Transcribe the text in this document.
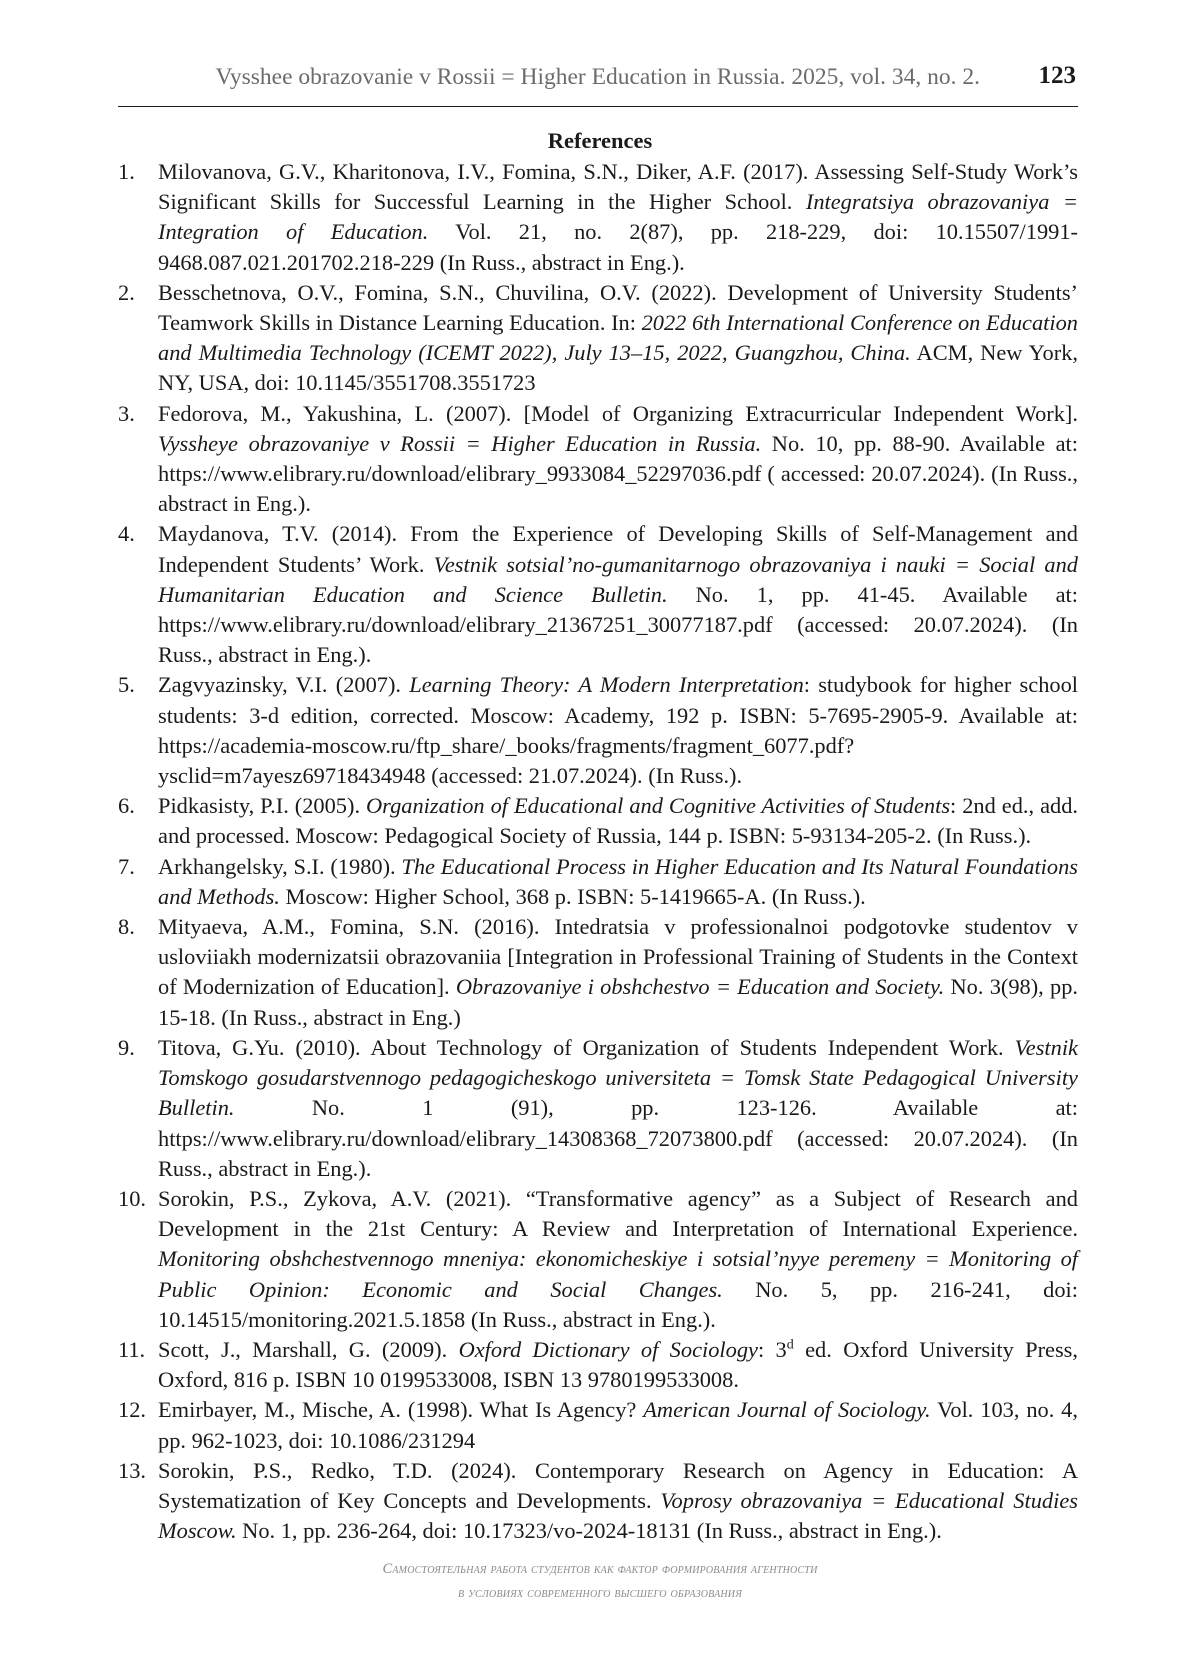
Vysshee obrazovanie v Rossii = Higher Education in Russia. 2025, vol. 34, no. 2. 123
References
1. Milovanova, G.V., Kharitonova, I.V., Fomina, S.N., Diker, A.F. (2017). Assessing Self-Study Work’s Significant Skills for Successful Learning in the Higher School. Integratsiya obrazovaniya = Integration of Education. Vol. 21, no. 2(87), pp. 218-229, doi: 10.15507/1991-9468.087.021.201702.218-229 (In Russ., abstract in Eng.).
2. Besschetnova, O.V., Fomina, S.N., Chuvilina, O.V. (2022). Development of University Students’ Teamwork Skills in Distance Learning Education. In: 2022 6th International Conference on Education and Multimedia Technology (ICEMT 2022), July 13–15, 2022, Guangzhou, China. ACM, New York, NY, USA, doi: 10.1145/3551708.3551723
3. Fedorova, M., Yakushina, L. (2007). [Model of Organizing Extracurricular Independent Work]. Vyssheye obrazovaniye v Rossii = Higher Education in Russia. No. 10, pp. 88-90. Available at: https://www.elibrary.ru/download/elibrary_9933084_52297036.pdf ( accessed: 20.07.2024). (In Russ., abstract in Eng.).
4. Maydanova, T.V. (2014). From the Experience of Developing Skills of Self-Management and Independent Students’ Work. Vestnik sotsial’no-gumanitarnogo obrazovaniya i nauki = Social and Humanitarian Education and Science Bulletin. No. 1, pp. 41-45. Available at: https://www.elibrary.ru/download/elibrary_21367251_30077187.pdf (accessed: 20.07.2024). (In Russ., abstract in Eng.).
5. Zagvyazinsky, V.I. (2007). Learning Theory: A Modern Interpretation: studybook for higher school students: 3-d edition, corrected. Moscow: Academy, 192 p. ISBN: 5-7695-2905-9. Available at: https://academia-moscow.ru/ftp_share/_books/fragments/fragment_6077.pdf?ysclid=m7ayesz697184349​48 (accessed: 21.07.2024). (In Russ.).
6. Pidkasisty, P.I. (2005). Organization of Educational and Cognitive Activities of Students: 2nd ed., add. and processed. Moscow: Pedagogical Society of Russia, 144 p. ISBN: 5-93134-205-2. (In Russ.).
7. Arkhangelsky, S.I. (1980). The Educational Process in Higher Education and Its Natural Foundations and Methods. Moscow: Higher School, 368 p. ISBN: 5-1419665-A. (In Russ.).
8. Mityaeva, A.M., Fomina, S.N. (2016). Intedratsia v professionalnoi podgotovke studentov v usloviiakh modernizatsii obrazovaniia [Integration in Professional Training of Students in the Context of Modernization of Education]. Obrazovaniye i obshchestvo = Education and Society. No. 3(98), pp. 15-18. (In Russ., abstract in Eng.)
9. Titova, G.Yu. (2010). About Technology of Organization of Students Independent Work. Vestnik Tomskogo gosudarstvennogo pedagogicheskogo universiteta = Tomsk State Pedagogical University Bulletin. No. 1 (91), pp. 123-126. Available at: https://www.elibrary.ru/download/elibrary_14308368_72073800.pdf (accessed: 20.07.2024). (In Russ., abstract in Eng.).
10. Sorokin, P.S., Zykova, A.V. (2021). “Transformative agency” as a Subject of Research and Development in the 21st Century: A Review and Interpretation of International Experience. Monitoring obshchestvennogo mneniya: ekonomicheskiye i sotsial’nyye peremeny = Monitoring of Public Opinion: Economic and Social Changes. No. 5, pp. 216-241, doi: 10.14515/monitoring.2021.5.1858 (In Russ., abstract in Eng.).
11. Scott, J., Marshall, G. (2009). Oxford Dictionary of Sociology: 3$^d$ ed. Oxford University Press, Oxford, 816 p. ISBN 10 0199533008, ISBN 13 9780199533008.
12. Emirbayer, M., Mische, A. (1998). What Is Agency? American Journal of Sociology. Vol. 103, no. 4, pp. 962-1023, doi: 10.1086/231294
13. Sorokin, P.S., Redko, T.D. (2024). Contemporary Research on Agency in Education: A Systematization of Key Concepts and Developments. Voprosy obrazovaniya = Educational Studies Moscow. No. 1, pp. 236-264, doi: 10.17323/vo-2024-18131 (In Russ., abstract in Eng.).
Самостоятельная работа студентов как фактор формирования агентности
в условиях современного высшего образования
